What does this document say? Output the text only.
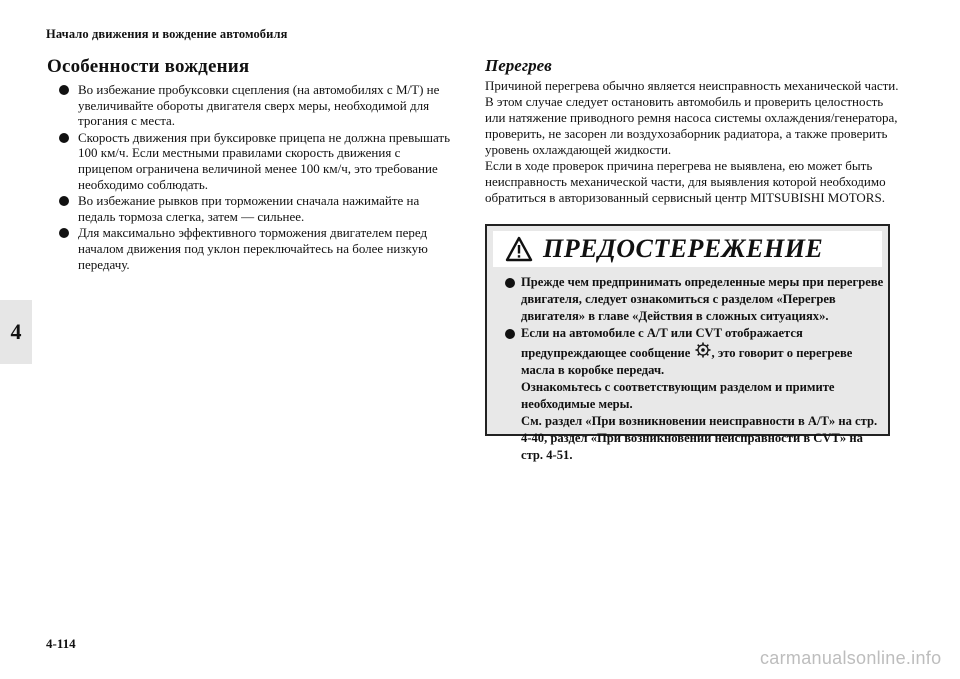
Начало движения и вождение автомобиля
4
Особенности вождения
Во избежание пробуксовки сцепления (на автомобилях с М/Т) не увеличивайте обороты двигателя сверх меры, необходимой для трогания с места.
Скорость движения при буксировке прицепа не должна превышать 100 км/ч. Если местными правилами скорость движения с прицепом ограничена величиной менее 100 км/ч, это требование необходимо соблюдать.
Во избежание рывков при торможении сначала нажимайте на педаль тормоза слегка, затем — сильнее.
Для максимально эффективного торможения двигателем перед началом движения под уклон переключайтесь на более низкую передачу.
Перегрев

Причиной перегрева обычно является неисправность механической части. В этом случае следует остановить автомобиль и проверить целостность или натяжение приводного ремня насоса системы охлаждения/генератора, проверить, не засорен ли воздухозаборник радиатора, а также проверить уровень охлаждающей жидкости.

Если в ходе проверок причина перегрева не выявлена, ею может быть неисправность механической части, для выявления которой необходимо обратиться в авторизованный сервисный центр MITSUBISHI MOTORS.

ПРЕДОСТЕРЕЖЕНИЕ
Прежде чем предпринимать определенные меры при перегреве двигателя, следует ознакомиться с разделом «Перегрев двигателя» в главе «Действия в сложных ситуациях».
Если на автомобиле с A/T или CVT отображается предупреждающее сообщение , это говорит о перегреве масла в коробке передач.
Ознакомьтесь с соответствующим разделом и примите необходимые меры.
См. раздел «При возникновении неисправности в A/T» на стр. 4-40, раздел «При возникновении неисправности в CVT» на стр. 4-51.
4-114
carmanualsonline.info
